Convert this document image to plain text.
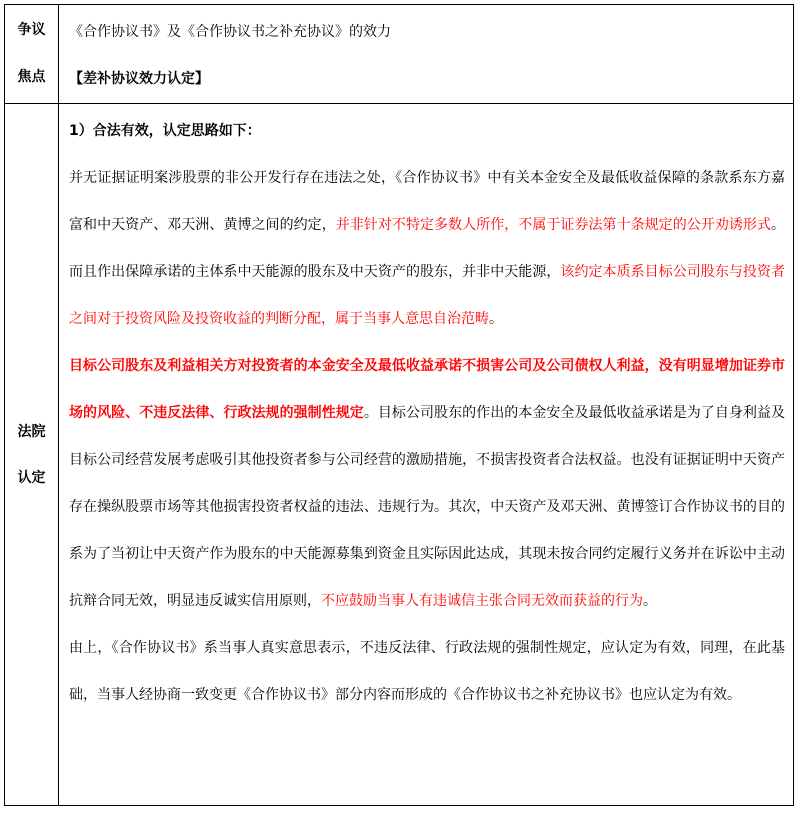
争议
焦点

《合作协议书》及《合作协议书之补充协议》的效力

【差补协议效力认定】

法院
认定

1）合法有效，认定思路如下：

并无证据证明案涉股票的非公开发行存在违法之处，《合作协议书》中有关本金安全及最低收益保障的条款系东方嘉富和中天资产、邓天洲、黄博之间的约定，并非针对不特定多数人所作，不属于证券法第十条规定的公开劝诱形式。而且作出保障承诺的主体系中天能源的股东及中天资产的股东，并非中天能源，该约定本质系目标公司股东与投资者之间对于投资风险及投资收益的判断分配，属于当事人意思自治范畴。

目标公司股东及利益相关方对投资者的本金安全及最低收益承诺不损害公司及公司债权人利益，没有明显增加证券市场的风险、不违反法律、行政法规的强制性规定。目标公司股东的作出的本金安全及最低收益承诺是为了自身利益及目标公司经营发展考虑吸引其他投资者参与公司经营的激励措施，不损害投资者合法权益。也没有证据证明中天资产存在操纵股票市场等其他损害投资者权益的违法、违规行为。其次，中天资产及邓天洲、黄博签订合作协议书的目的系为了当初让中天资产作为股东的中天能源募集到资金且实际因此达成，其现未按合同约定履行义务并在诉讼中主动抗辩合同无效，明显违反诚实信用原则，不应鼓励当事人有违诚信主张合同无效而获益的行为。

由上，《合作协议书》系当事人真实意思表示，不违反法律、行政法规的强制性规定，应认定为有效，同理，在此基础，当事人经协商一致变更《合作协议书》部分内容而形成的《合作协议书之补充协议书》也应认定为有效。
